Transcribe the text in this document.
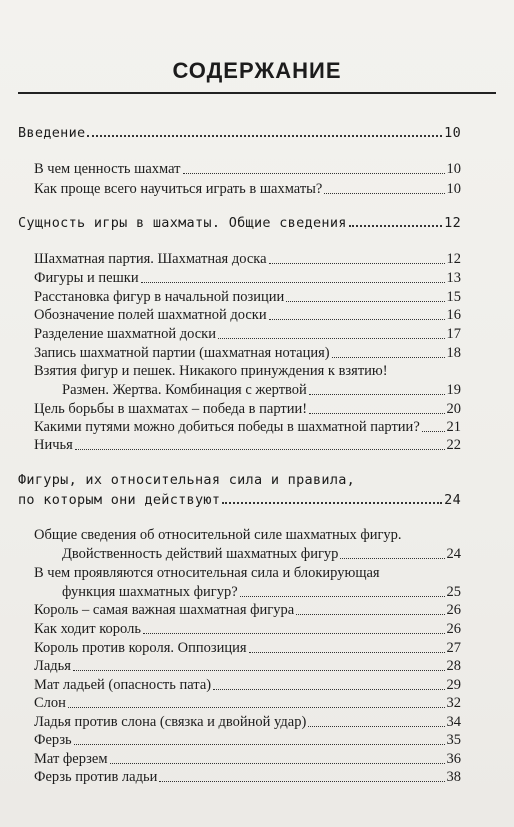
СОДЕРЖАНИЕ
Введение	10
В чем ценность шахмат	10
Как проще всего научиться играть в шахматы?	10
Сущность игры в шахматы. Общие сведения	12
Шахматная партия. Шахматная доска	12
Фигуры и пешки	13
Расстановка фигур в начальной позиции	15
Обозначение полей шахматной доски	16
Разделение шахматной доски	17
Запись шахматной партии (шахматная нотация)	18
Взятия фигур и пешек. Никакого принуждения к взятию!
Размен. Жертва. Комбинация с жертвой	19
Цель борьбы в шахматах – победа в партии!	20
Какими путями можно добиться победы в шахматной партии? 21
Ничья	22
Фигуры, их относительная сила и правила,
по которым они действуют	24
Общие сведения об относительной силе шахматных фигур.
Двойственность действий шахматных фигур	24
В чем проявляются относительная сила и блокирующая
функция шахматных фигур?	25
Король – самая важная шахматная фигура	26
Как ходит король	26
Король против короля. Оппозиция	27
Ладья	28
Мат ладьей (опасность пата)	29
Слон	32
Ладья против слона (связка и двойной удар)	34
Ферзь	35
Мат ферзем	36
Ферзь против ладьи	38
